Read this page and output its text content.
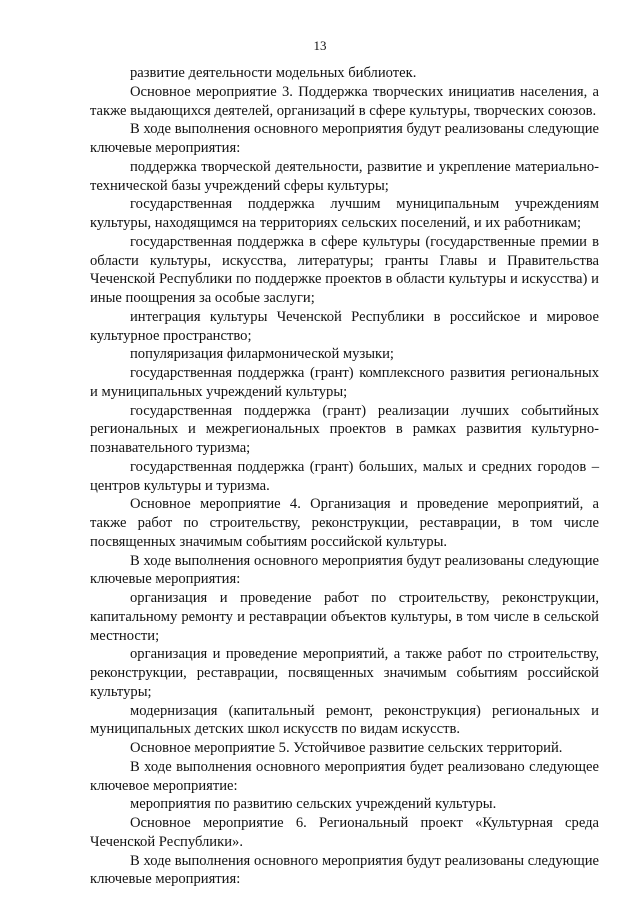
13

развитие деятельности модельных библиотек.

Основное мероприятие 3. Поддержка творческих инициатив населения, а также выдающихся деятелей, организаций в сфере культуры, творческих союзов.

В ходе выполнения основного мероприятия будут реализованы следующие ключевые мероприятия:

поддержка творческой деятельности, развитие и укрепление материально-технической базы учреждений сферы культуры;

государственная поддержка лучшим муниципальным учреждениям культуры, находящимся на территориях сельских поселений, и их работникам;

государственная поддержка в сфере культуры (государственные премии в области культуры, искусства, литературы; гранты Главы и Правительства Чеченской Республики по поддержке проектов в области культуры и искусства) и иные поощрения за особые заслуги;

интеграция культуры Чеченской Республики в российское и мировое культурное пространство;

популяризация филармонической музыки;

государственная поддержка (грант) комплексного развития региональных и муниципальных учреждений культуры;

государственная поддержка (грант) реализации лучших событийных региональных и межрегиональных проектов в рамках развития культурно-познавательного туризма;

государственная поддержка (грант) больших, малых и средних городов – центров культуры и туризма.

Основное мероприятие 4. Организация и проведение мероприятий, а также работ по строительству, реконструкции, реставрации, в том числе посвященных значимым событиям российской культуры.

В ходе выполнения основного мероприятия будут реализованы следующие ключевые мероприятия:

организация и проведение работ по строительству, реконструкции, капитальному ремонту и реставрации объектов культуры, в том числе в сельской местности;

организация и проведение мероприятий, а также работ по строительству, реконструкции, реставрации, посвященных значимым событиям российской культуры;

модернизация (капитальный ремонт, реконструкция) региональных и муниципальных детских школ искусств по видам искусств.

Основное мероприятие 5. Устойчивое развитие сельских территорий.

В ходе выполнения основного мероприятия будет реализовано следующее ключевое мероприятие:

мероприятия по развитию сельских учреждений культуры.

Основное мероприятие 6. Региональный проект «Культурная среда Чеченской Республики».

В ходе выполнения основного мероприятия будут реализованы следующие ключевые мероприятия:
